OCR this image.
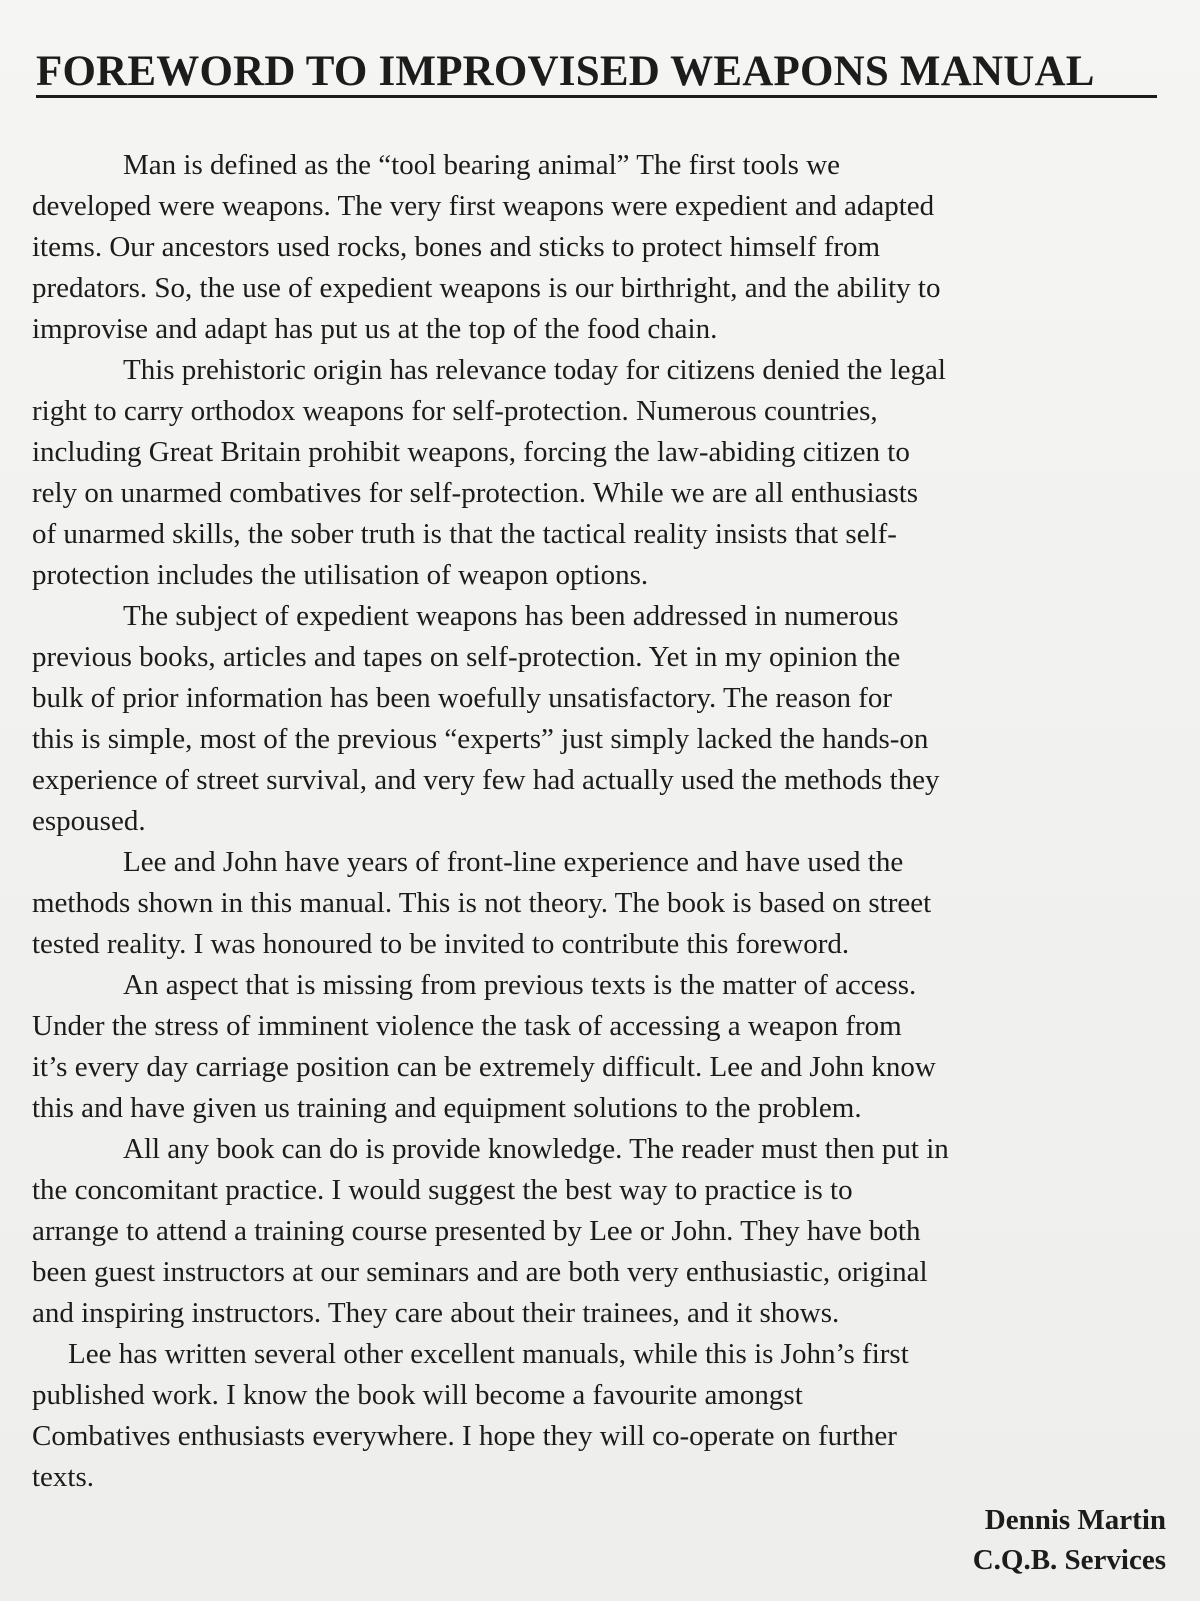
FOREWORD TO IMPROVISED WEAPONS MANUAL
Man is defined as the “tool bearing animal” The first tools we
developed were weapons. The very first weapons were expedient and adapted
items. Our ancestors used rocks, bones and sticks to protect himself from
predators. So, the use of expedient weapons is our birthright, and the ability to
improvise and adapt has put us at the top of the food chain.
This prehistoric origin has relevance today for citizens denied the legal
right to carry orthodox weapons for self-protection. Numerous countries,
including Great Britain prohibit weapons, forcing the law-abiding citizen to
rely on unarmed combatives for self-protection. While we are all enthusiasts
of unarmed skills, the sober truth is that the tactical reality insists that self-
protection includes the utilisation of weapon options.
The subject of expedient weapons has been addressed in numerous
previous books, articles and tapes on self-protection. Yet in my opinion the
bulk of prior information has been woefully unsatisfactory. The reason for
this is simple, most of the previous “experts” just simply lacked the hands-on
experience of street survival, and very few had actually used the methods they
espoused.
Lee and John have years of front-line experience and have used the
methods shown in this manual. This is not theory. The book is based on street
tested reality. I was honoured to be invited to contribute this foreword.
An aspect that is missing from previous texts is the matter of access.
Under the stress of imminent violence the task of accessing a weapon from
it’s every day carriage position can be extremely difficult. Lee and John know
this and have given us training and equipment solutions to the problem.
All any book can do is provide knowledge. The reader must then put in
the concomitant practice. I would suggest the best way to practice is to
arrange to attend a training course presented by Lee or John. They have both
been guest instructors at our seminars and are both very enthusiastic, original
and inspiring instructors. They care about their trainees, and it shows.
Lee has written several other excellent manuals, while this is John’s first
published work. I know the book will become a favourite amongst
Combatives enthusiasts everywhere. I hope they will co-operate on further
texts.
Dennis Martin
C.Q.B. Services
